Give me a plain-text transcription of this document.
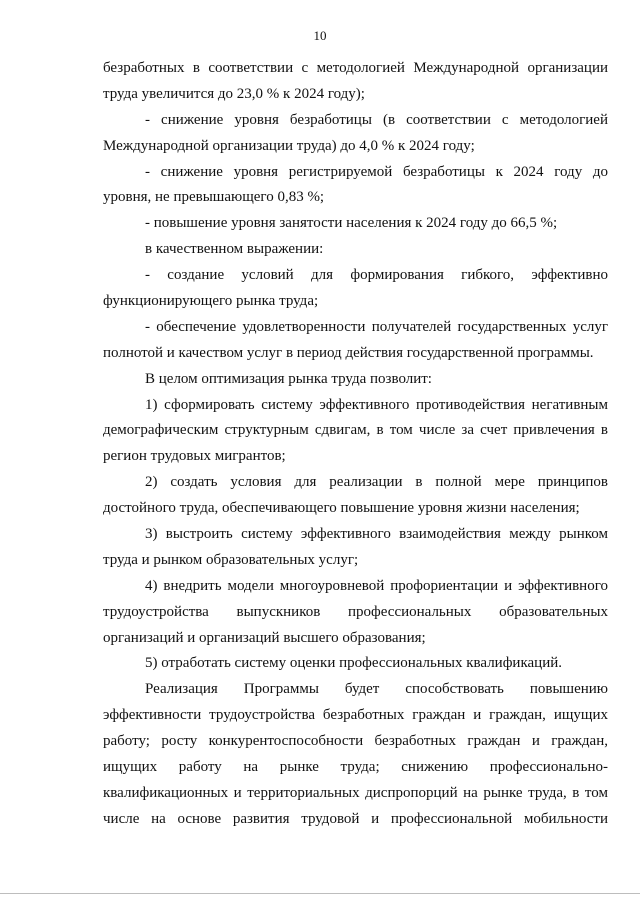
10
безработных в соответствии с методологией Международной организации
труда увеличится до 23,0 % к 2024 году);
- снижение уровня безработицы (в соответствии с методологией
Международной организации труда) до 4,0 % к 2024 году;
- снижение уровня регистрируемой безработицы к 2024 году до
уровня, не превышающего 0,83 %;
- повышение уровня занятости населения к 2024 году до 66,5 %;
в качественном выражении:
- создание условий для формирования гибкого, эффективно
функционирующего рынка труда;
- обеспечение удовлетворенности получателей государственных услуг
полнотой и качеством услуг в период действия государственной программы.
В целом оптимизация рынка труда позволит:
1) сформировать систему эффективного противодействия негативным
демографическим структурным сдвигам, в том числе за счет привлечения в
регион трудовых мигрантов;
2) создать условия для реализации в полной мере принципов
достойного труда, обеспечивающего повышение уровня жизни населения;
3) выстроить систему эффективного взаимодействия между рынком
труда и рынком образовательных услуг;
4) внедрить модели многоуровневой профориентации и эффективного
трудоустройства выпускников профессиональных образовательных
организаций и организаций высшего образования;
5) отработать систему оценки профессиональных квалификаций.
Реализация Программы будет способствовать повышению
эффективности трудоустройства безработных граждан и граждан, ищущих
работу; росту конкурентоспособности безработных граждан и граждан,
ищущих работу на рынке труда; снижению профессионально-
квалификационных и территориальных диспропорций на рынке труда, в том
числе на основе развития трудовой и профессиональной мобильности
